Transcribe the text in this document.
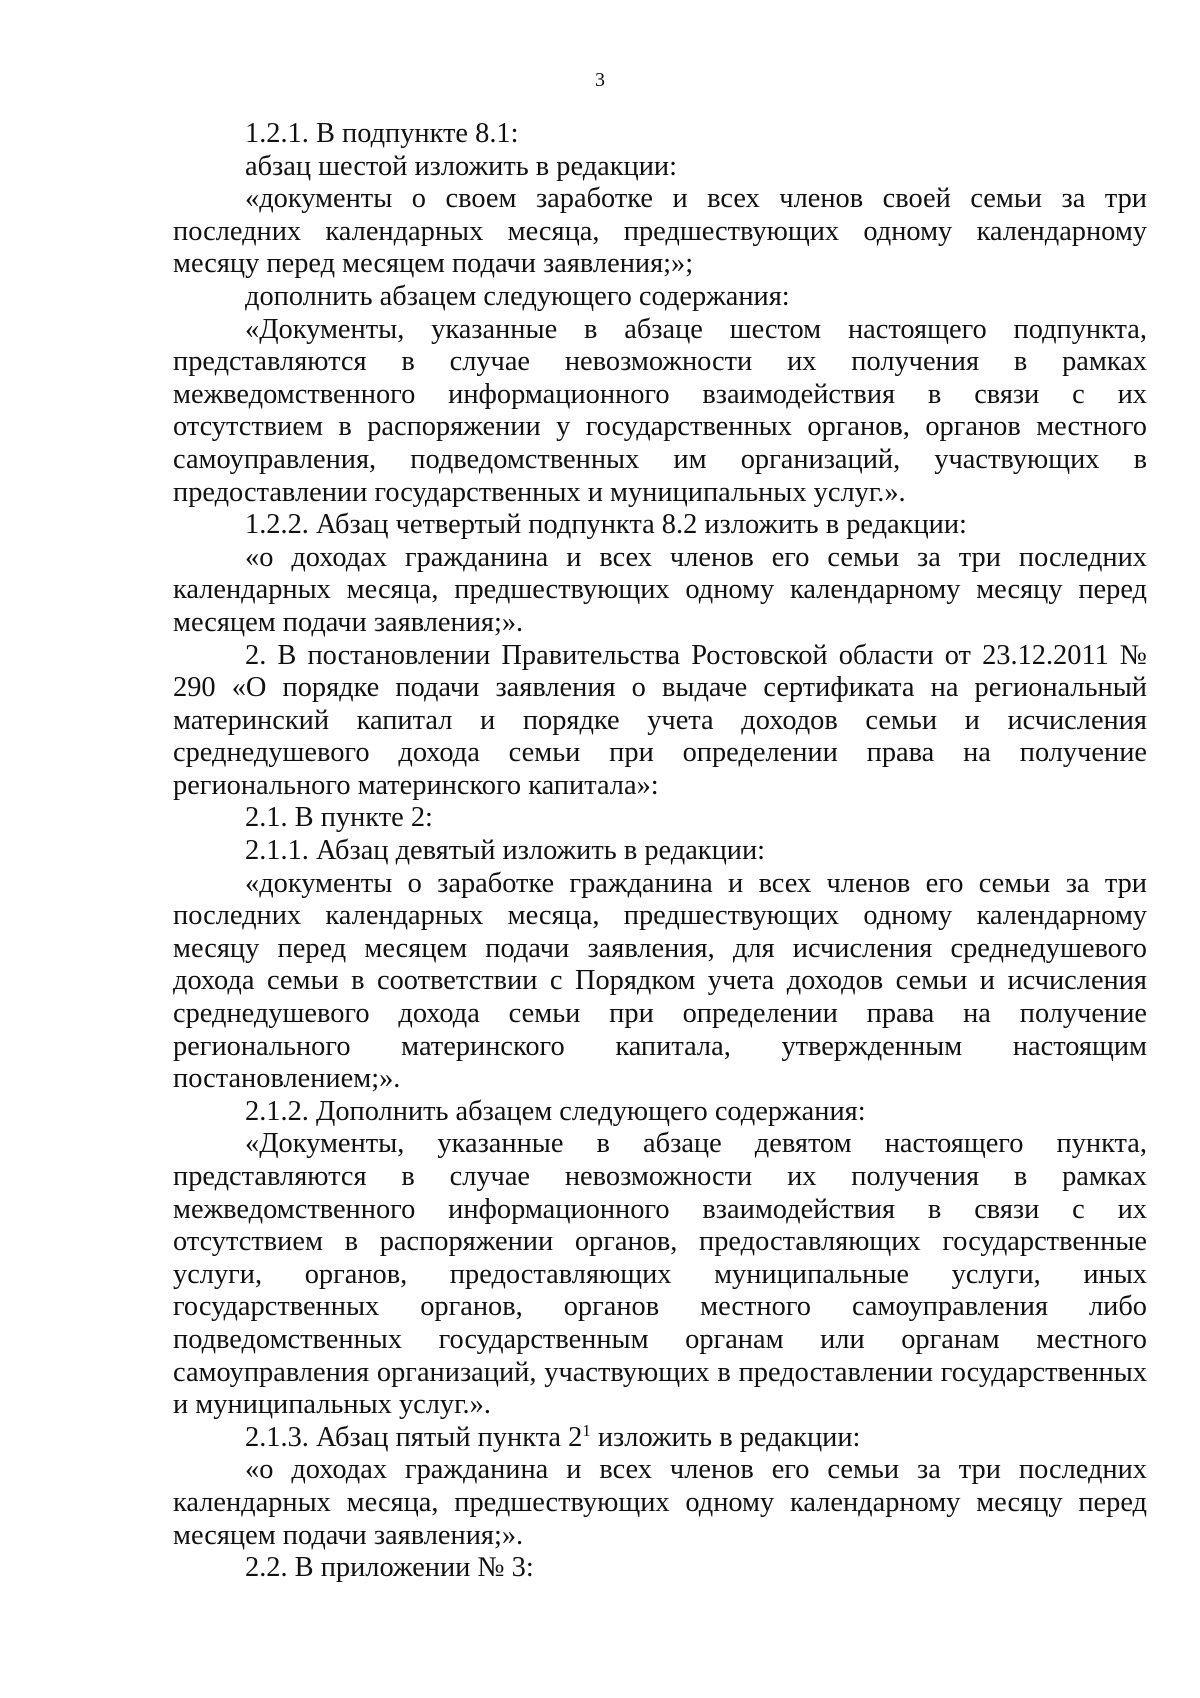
3

1.2.1. В подпункте 8.1:

абзац шестой изложить в редакции:

«документы о своем заработке и всех членов своей семьи за три последних календарных месяца, предшествующих одному календарному месяцу перед месяцем подачи заявления;»;

дополнить абзацем следующего содержания:

«Документы, указанные в абзаце шестом настоящего подпункта, представляются в случае невозможности их получения в рамках межведомственного информационного взаимодействия в связи с их отсутствием в распоряжении у государственных органов, органов местного самоуправления, подведомственных им организаций, участвующих в предоставлении государственных и муниципальных услуг.».

1.2.2. Абзац четвертый подпункта 8.2 изложить в редакции:

«о доходах гражданина и всех членов его семьи за три последних календарных месяца, предшествующих одному календарному месяцу перед месяцем подачи заявления;».

2. В постановлении Правительства Ростовской области от 23.12.2011 № 290 «О порядке подачи заявления о выдаче сертификата на региональный материнский капитал и порядке учета доходов семьи и исчисления среднедушевого дохода семьи при определении права на получение регионального материнского капитала»:

2.1. В пункте 2:

2.1.1. Абзац девятый изложить в редакции:

«документы о заработке гражданина и всех членов его семьи за три последних календарных месяца, предшествующих одному календарному месяцу перед месяцем подачи заявления, для исчисления среднедушевого дохода семьи в соответствии с Порядком учета доходов семьи и исчисления среднедушевого дохода семьи при определении права на получение регионального материнского капитала, утвержденным настоящим постановлением;».

2.1.2. Дополнить абзацем следующего содержания:

«Документы, указанные в абзаце девятом настоящего пункта, представляются в случае невозможности их получения в рамках межведомственного информационного взаимодействия в связи с их отсутствием в распоряжении органов, предоставляющих государственные услуги, органов, предоставляющих муниципальные услуги, иных государственных органов, органов местного самоуправления либо подведомственных государственным органам или органам местного самоуправления организаций, участвующих в предоставлении государственных и муниципальных услуг.».

2.1.3. Абзац пятый пункта $2^1$ изложить в редакции:

«о доходах гражданина и всех членов его семьи за три последних календарных месяца, предшествующих одному календарному месяцу перед месяцем подачи заявления;».

2.2. В приложении № 3:
